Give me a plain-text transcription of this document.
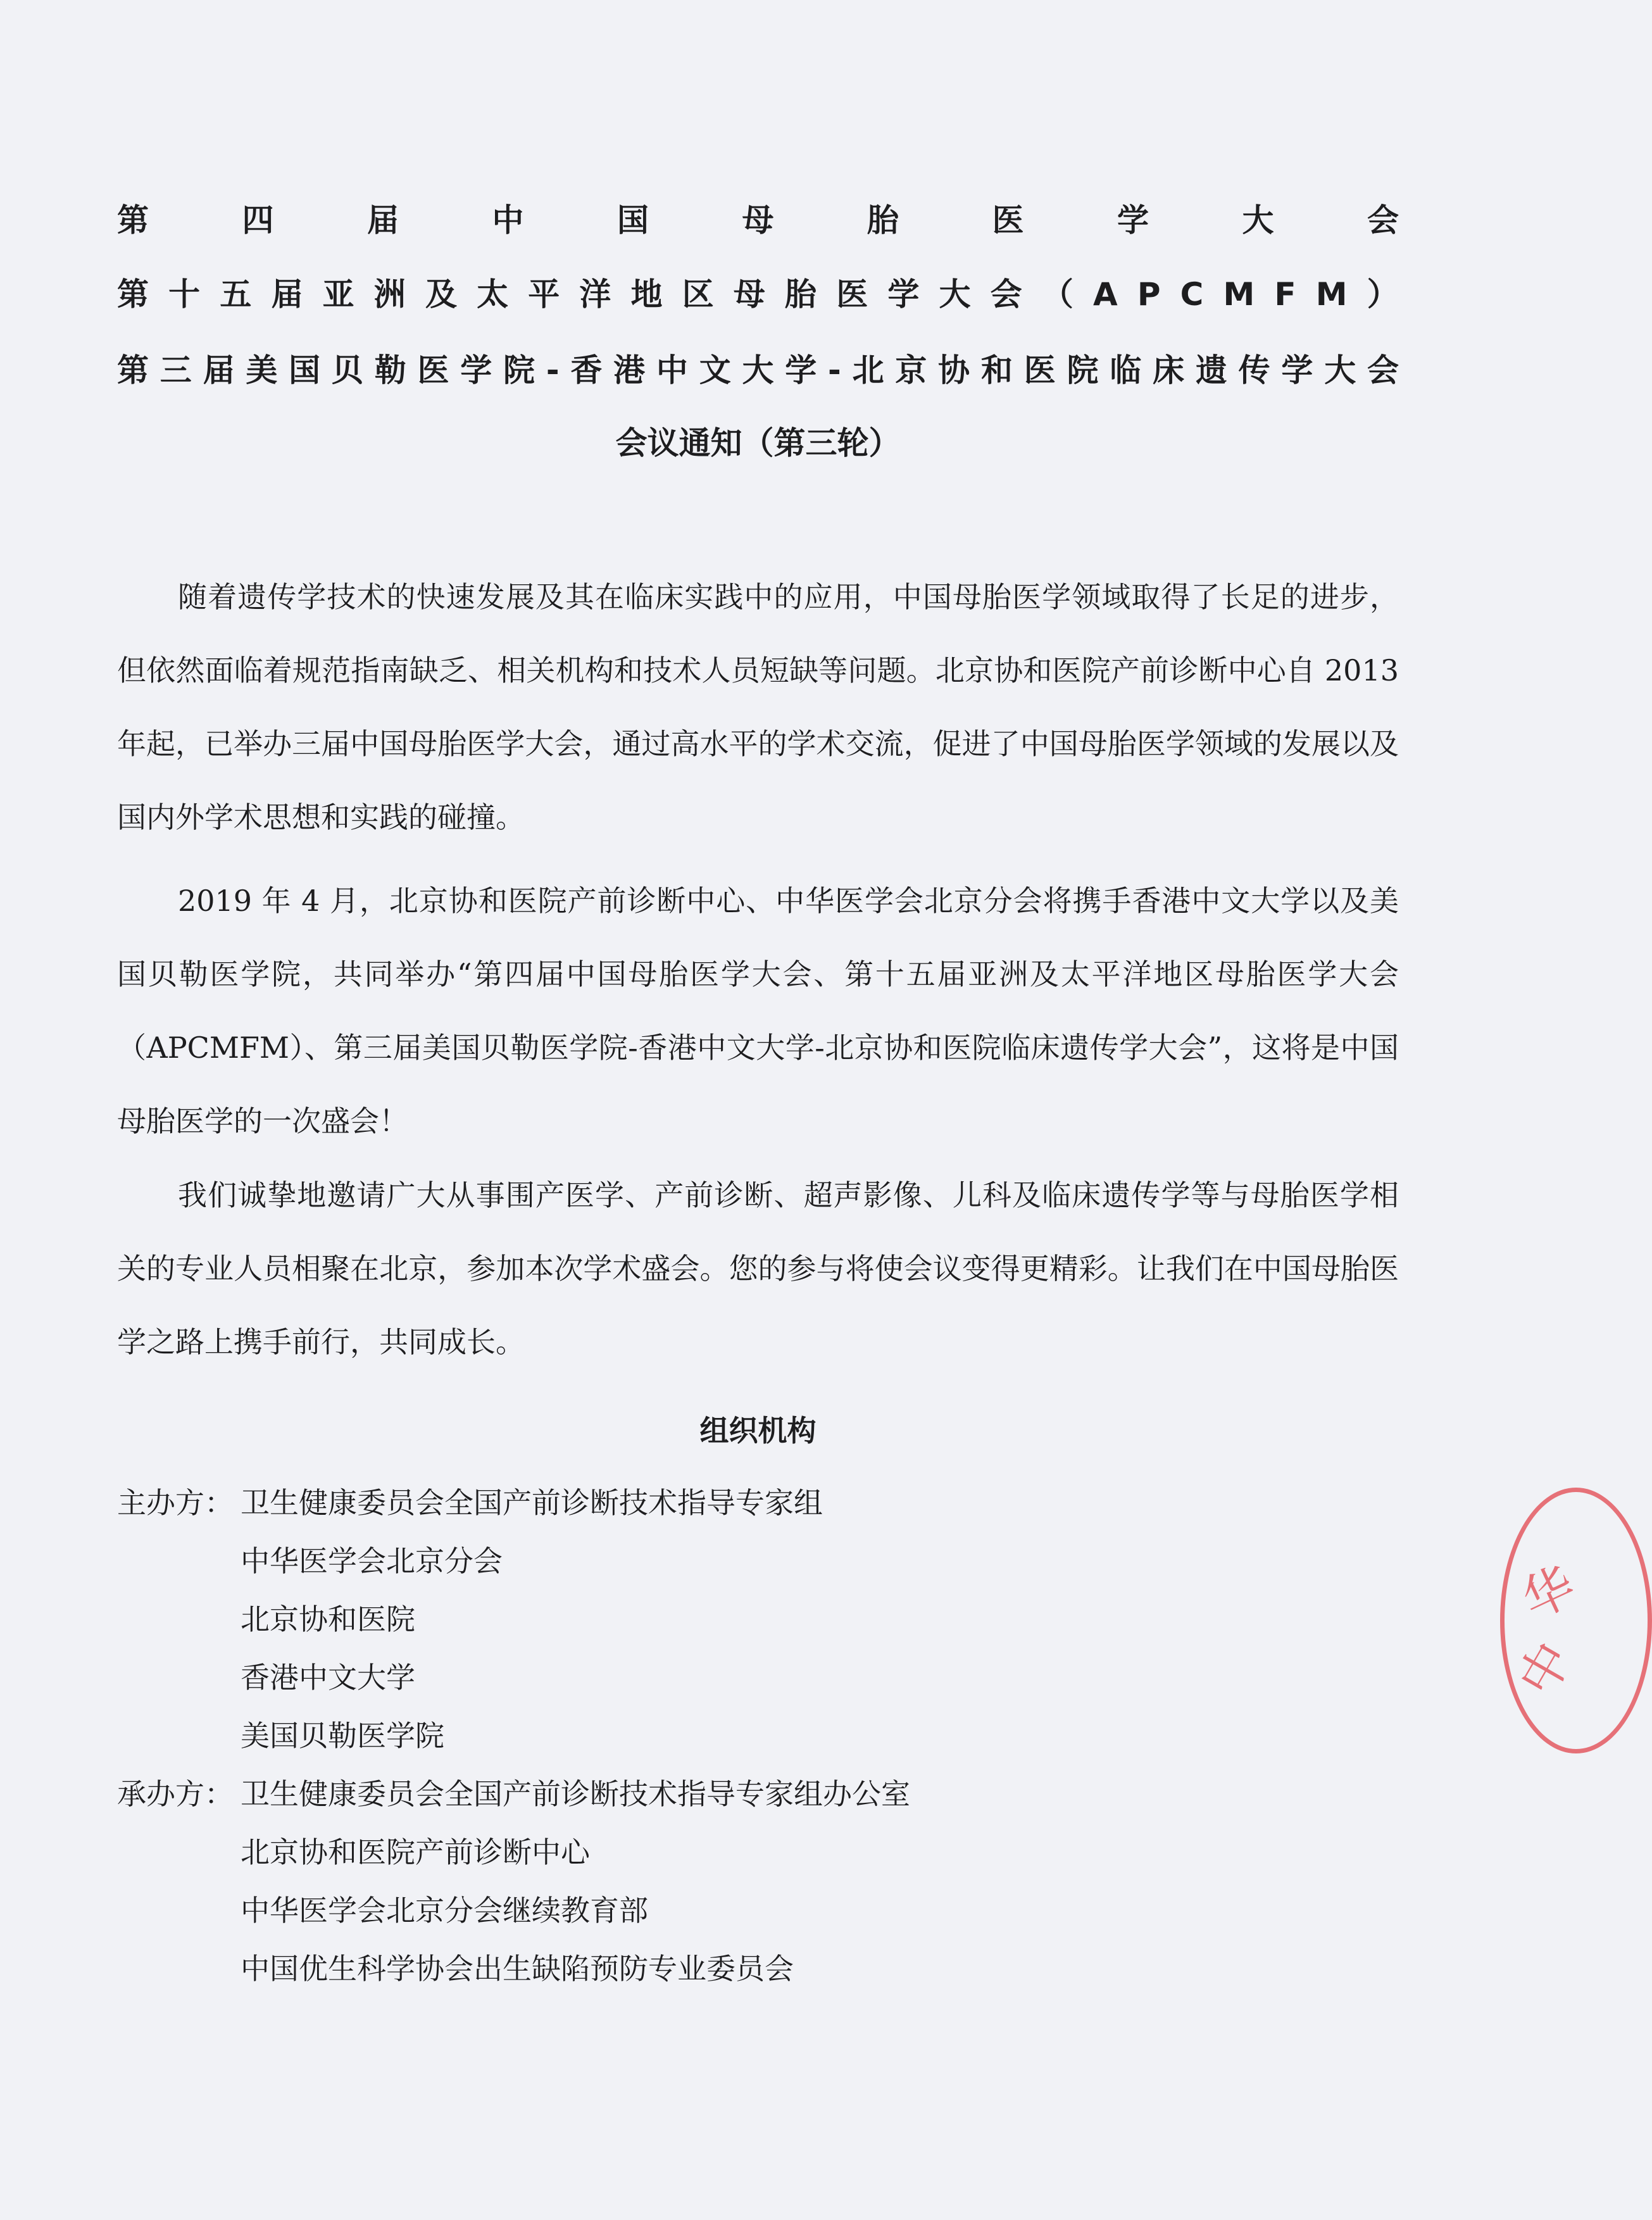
第	四	届	中	国	母	胎	医	学	大	会
第 十 五 届 亚 洲 及 太 平 洋 地 区 母 胎 医 学 大 会 （ A P C M F M ）
第 三 届 美 国 贝 勒 医 学 院 - 香 港 中 文 大 学 - 北 京 协 和 医 院 临 床 遗 传 学 大 会
会议通知（第三轮）

随着遗传学技术的快速发展及其在临床实践中的应用，中国母胎医学领域取得了长足的进步，但依然面临着规范指南缺乏、相关机构和技术人员短缺等问题。北京协和医院产前诊断中心自 2013 年起，已举办三届中国母胎医学大会，通过高水平的学术交流，促进了中国母胎医学领域的发展以及国内外学术思想和实践的碰撞。

2019 年 4 月，北京协和医院产前诊断中心、中华医学会北京分会将携手香港中文大学以及美国贝勒医学院，共同举办“第四届中国母胎医学大会、第十五届亚洲及太平洋地区母胎医学大会（APCMFM）、第三届美国贝勒医学院-香港中文大学-北京协和医院临床遗传学大会”，这将是中国母胎医学的一次盛会！

我们诚挚地邀请广大从事围产医学、产前诊断、超声影像、儿科及临床遗传学等与母胎医学相关的专业人员相聚在北京，参加本次学术盛会。您的参与将使会议变得更精彩。让我们在中国母胎医学之路上携手前行，共同成长。

组织机构
主办方： 卫生健康委员会全国产前诊断技术指导专家组
中华医学会北京分会
北京协和医院
香港中文大学
美国贝勒医学院
承办方： 卫生健康委员会全国产前诊断技术指导专家组办公室
北京协和医院产前诊断中心
中华医学会北京分会继续教育部
中国优生科学协会出生缺陷预防专业委员会
华
中
